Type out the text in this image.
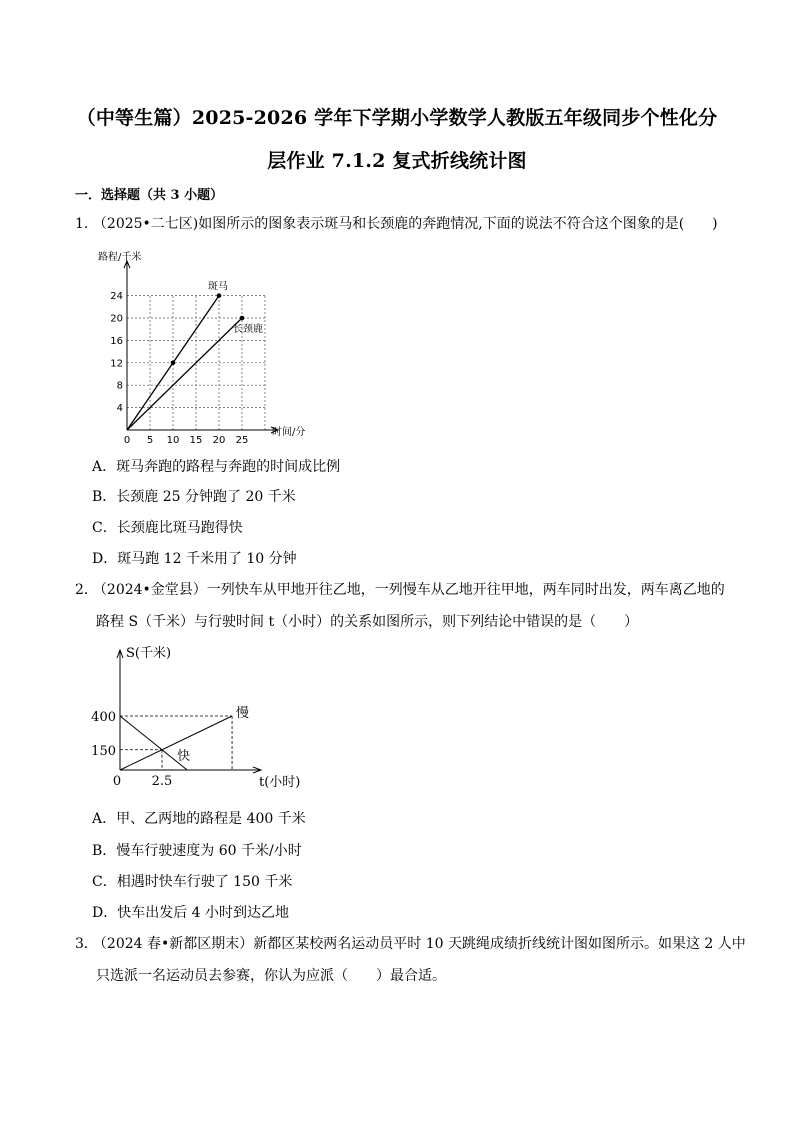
（中等生篇）2025-2026 学年下学期小学数学人教版五年级同步个性化分
层作业 7.1.2 复式折线统计图
一．选择题（共 3 小题）
1． （2025•二七区)如图所示的图象表示斑马和长颈鹿的奔跑情况,下面的说法不符合这个图象的是(　　)
0 5 10 15 20 25
4
8
12
16
20
24
路程/千米
时间/分
斑马
长颈鹿
A．斑马奔跑的路程与奔跑的时间成比例
B．长颈鹿 25 分钟跑了 20 千米
C．长颈鹿比斑马跑得快
D．斑马跑 12 千米用了 10 分钟
2． （2024•金堂县）一列快车从甲地开往乙地，一列慢车从乙地开往甲地，两车同时出发，两车离乙地的
路程 S（千米）与行驶时间 t（小时）的关系如图所示，则下列结论中错误的是（　　）
慢
快
400
150
0 2.5
S(千米)
t(小时)
A．甲、乙两地的路程是 400 千米
B．慢车行驶速度为 60 千米/小时
C．相遇时快车行驶了 150 千米
D．快车出发后 4 小时到达乙地
3． （2024 春•新都区期末）新都区某校两名运动员平时 10 天跳绳成绩折线统计图如图所示。如果这 2 人中
只选派一名运动员去参赛，你认为应派（　　）最合适。
